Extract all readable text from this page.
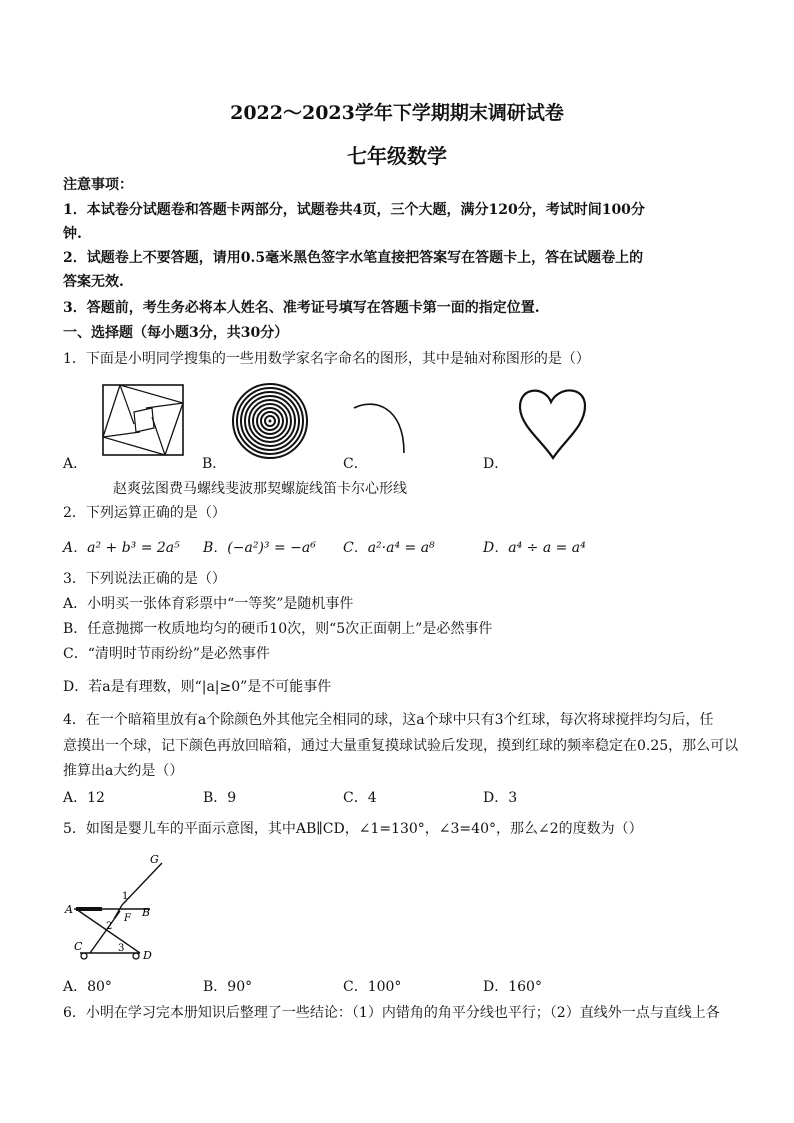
2022～2023学年下学期期末调研试卷
七年级数学
注意事项：
1．本试卷分试题卷和答题卡两部分，试题卷共4页，三个大题，满分120分，考试时间100分
钟.
2．试题卷上不要答题，请用0.5毫米黑色签字水笔直接把答案写在答题卡上，答在试题卷上的
答案无效.
3．答题前，考生务必将本人姓名、准考证号填写在答题卡第一面的指定位置.
一、选择题（每小题3分，共30分）
1．下面是小明同学搜集的一些用数学家名字命名的图形，其中是轴对称图形的是（）
A．	B．	C．	D．
赵爽弦图费马螺线斐波那契螺旋线笛卡尔心形线
2．下列运算正确的是（）
A．a² + b³ = 2a⁵ B．(−a²)³ = −a⁶ C．a²·a⁴ = a⁸	D．a⁴ ÷ a = a⁴
3．下列说法正确的是（）
A．小明买一张体育彩票中“一等奖”是随机事件
B．任意抛掷一枚质地均匀的硬币10次，则“5次正面朝上”是必然事件
C．“清明时节雨纷纷”是必然事件
D．若a是有理数，则“|a|≥0”是不可能事件
4．在一个暗箱里放有a个除颜色外其他完全相同的球，这a个球中只有3个红球，每次将球搅拌均匀后，任
意摸出一个球，记下颜色再放回暗箱，通过大量重复摸球试验后发现，摸到红球的频率稳定在0.25，那么可以
推算出a大约是（）
A．12	B．9	C．4	D．3
5．如图是婴儿车的平面示意图，其中AB∥CD，∠1=130°，∠3=40°，那么∠2的度数为（）
G
1
A
F B
2
C	3
D
A．80°	B．90°	C．100°	D．160°
6．小明在学习完本册知识后整理了一些结论：（1）内错角的角平分线也平行；（2）直线外一点与直线上各
